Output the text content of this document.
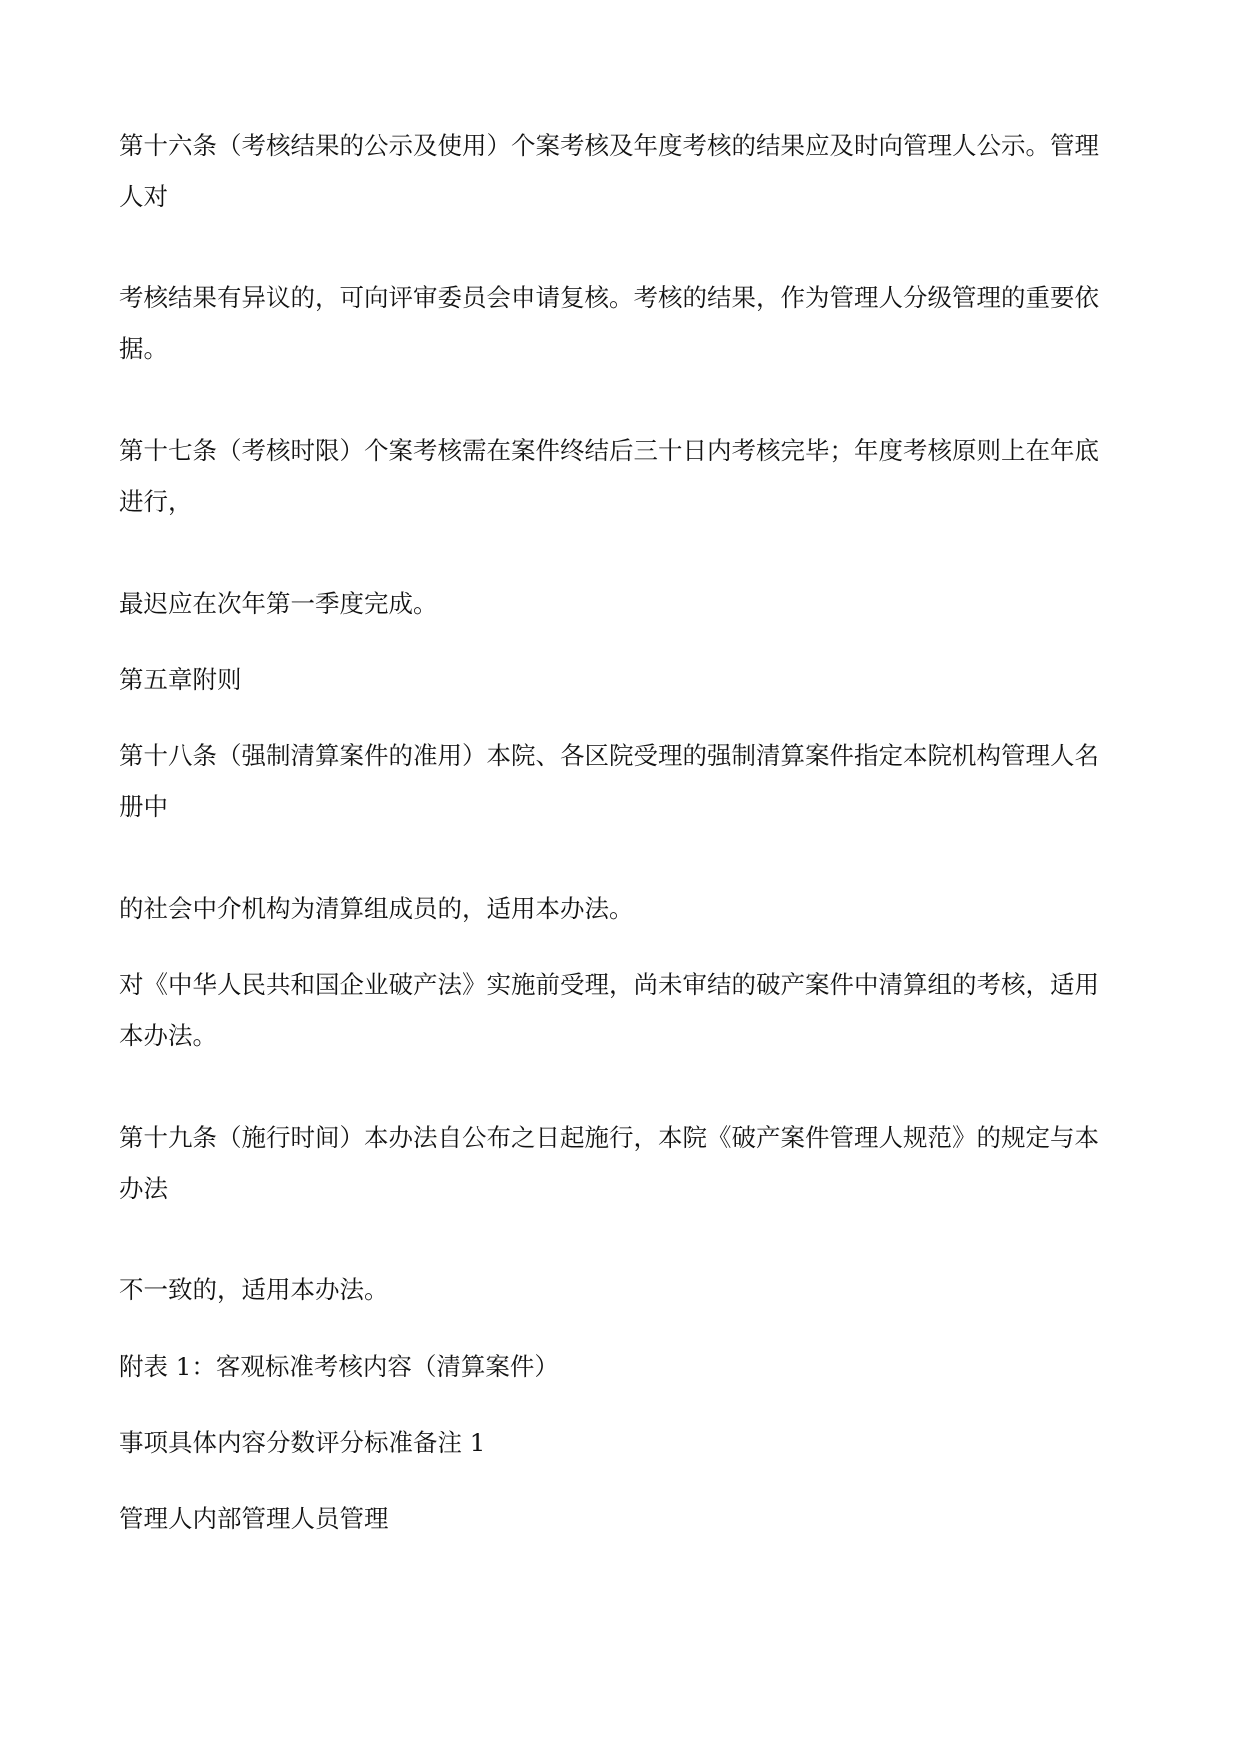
第十六条（考核结果的公示及使用）个案考核及年度考核的结果应及时向管理人公示。管理
人对

考核结果有异议的，可向评审委员会申请复核。考核的结果，作为管理人分级管理的重要依
据。

第十七条（考核时限）个案考核需在案件终结后三十日内考核完毕；年度考核原则上在年底
进行，

最迟应在次年第一季度完成。

第五章附则

第十八条（强制清算案件的准用）本院、各区院受理的强制清算案件指定本院机构管理人名
册中

的社会中介机构为清算组成员的，适用本办法。

对《中华人民共和国企业破产法》实施前受理，尚未审结的破产案件中清算组的考核，适用
本办法。

第十九条（施行时间）本办法自公布之日起施行，本院《破产案件管理人规范》的规定与本
办法

不一致的，适用本办法。

附表 1：客观标准考核内容（清算案件）

事项具体内容分数评分标准备注 1

管理人内部管理人员管理
